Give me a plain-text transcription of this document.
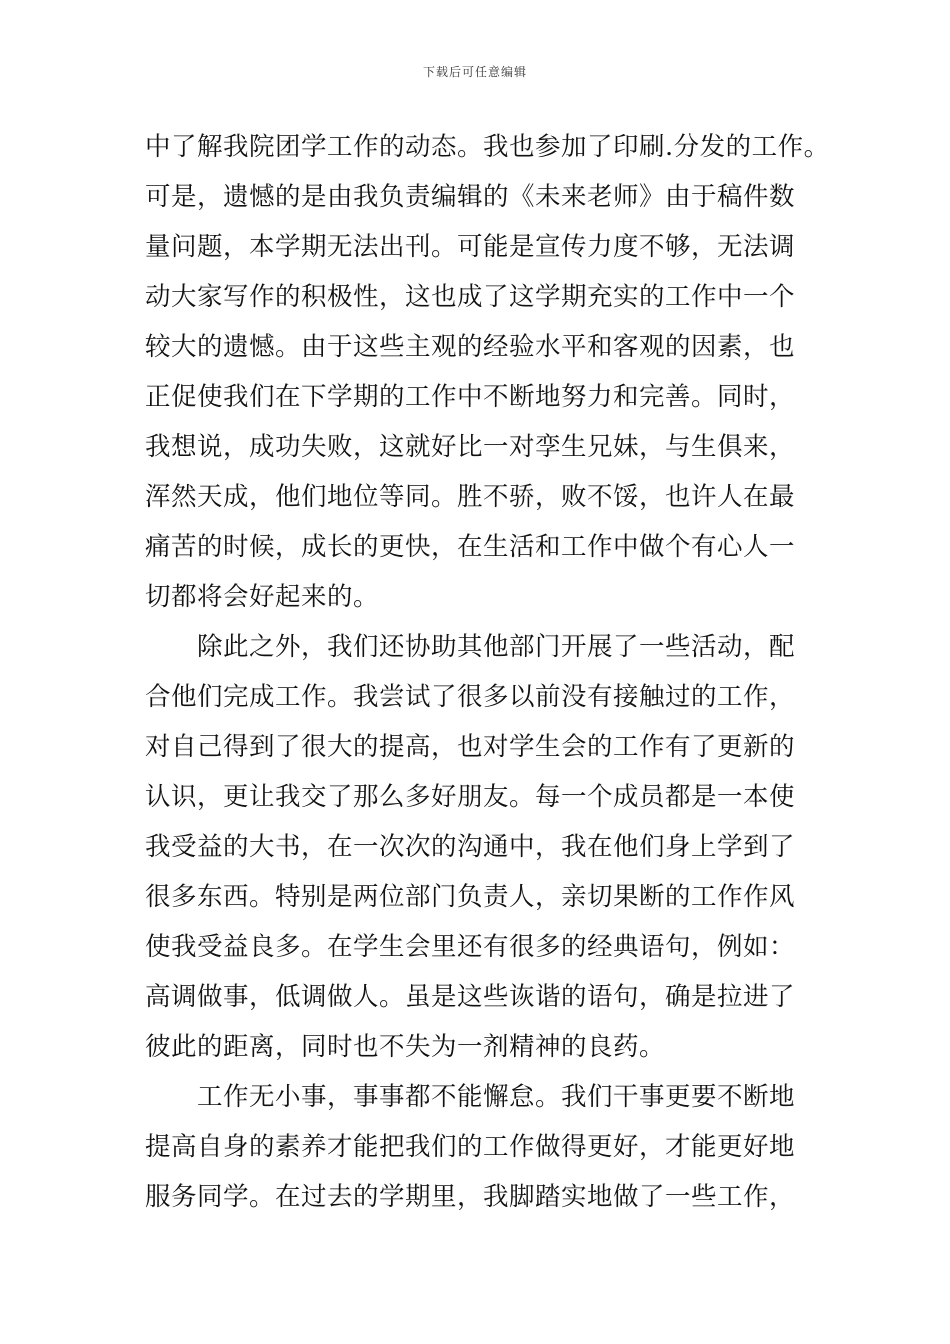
下载后可任意编辑
中了解我院团学工作的动态。我也参加了印刷.分发的工作。
可是，遗憾的是由我负责编辑的《未来老师》由于稿件数
量问题，本学期无法出刊。可能是宣传力度不够，无法调
动大家写作的积极性，这也成了这学期充实的工作中一个
较大的遗憾。由于这些主观的经验水平和客观的因素，也
正促使我们在下学期的工作中不断地努力和完善。同时，
我想说，成功失败，这就好比一对孪生兄妹，与生俱来，
浑然天成，他们地位等同。胜不骄，败不馁，也许人在最
痛苦的时候，成长的更快，在生活和工作中做个有心人一
切都将会好起来的。
除此之外，我们还协助其他部门开展了一些活动，配
合他们完成工作。我尝试了很多以前没有接触过的工作，
对自己得到了很大的提高，也对学生会的工作有了更新的
认识，更让我交了那么多好朋友。每一个成员都是一本使
我受益的大书，在一次次的沟通中，我在他们身上学到了
很多东西。特别是两位部门负责人，亲切果断的工作作风
使我受益良多。在学生会里还有很多的经典语句，例如：
高调做事，低调做人。虽是这些诙谐的语句，确是拉进了
彼此的距离，同时也不失为一剂精神的良药。
工作无小事，事事都不能懈怠。我们干事更要不断地
提高自身的素养才能把我们的工作做得更好，才能更好地
服务同学。在过去的学期里，我脚踏实地做了一些工作，
